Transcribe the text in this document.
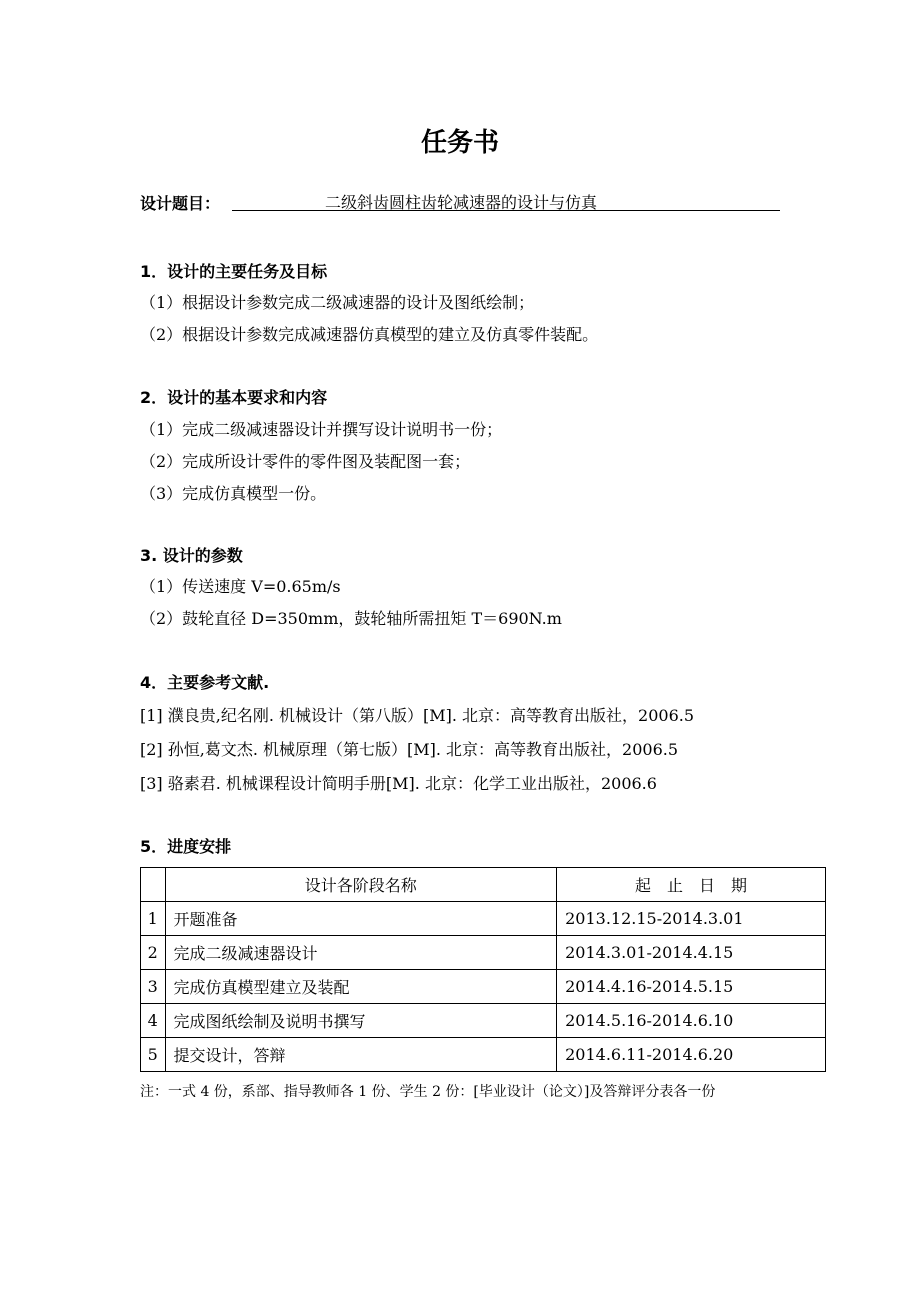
任务书
设计题目：	二级斜齿圆柱齿轮减速器的设计与仿真
1．设计的主要任务及目标
（1）根据设计参数完成二级减速器的设计及图纸绘制；
（2）根据设计参数完成减速器仿真模型的建立及仿真零件装配。
2．设计的基本要求和内容
（1）完成二级减速器设计并撰写设计说明书一份；
（2）完成所设计零件的零件图及装配图一套；
（3）完成仿真模型一份。
3. 设计的参数
（1）传送速度 V=0.65m/s
（2）鼓轮直径 D=350mm，鼓轮轴所需扭矩 T＝690N.m
4．主要参考文献.
[1] 濮良贵,纪名刚. 机械设计（第八版）[M]. 北京：高等教育出版社，2006.5
[2] 孙恒,葛文杰. 机械原理（第七版）[M]. 北京：高等教育出版社，2006.5
[3] 骆素君. 机械课程设计简明手册[M]. 北京：化学工业出版社，2006.6
5．进度安排
	设计各阶段名称	起　止　日　期
1	开题准备	2013.12.15-2014.3.01
2	完成二级减速器设计	2014.3.01-2014.4.15
3	完成仿真模型建立及装配	2014.4.16-2014.5.15
4	完成图纸绘制及说明书撰写	2014.5.16-2014.6.10
5	提交设计，答辩	2014.6.11-2014.6.20
注：一式 4 份，系部、指导教师各 1 份、学生 2 份：[毕业设计（论文）]及答辩评分表各一份
